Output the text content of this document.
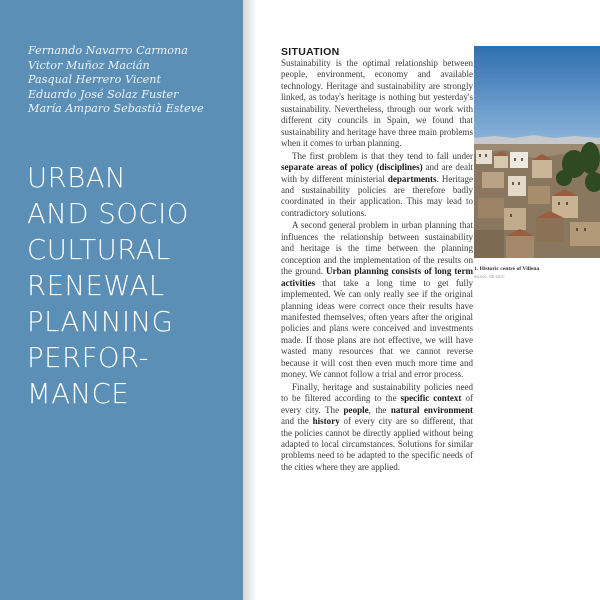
Fernando Navarro Carmona
Victor Muñoz Macián
Pasqual Herrero Vicent
Eduardo José Solaz Fuster
María Amparo Sebastià Esteve
URBAN
AND SOCIO
CULTURAL
RENEWAL
PLANNING
PERFOR-
MANCE
SITUATION

Sustainability is the optimal relationship between people, environment, economy and available technology. Heritage and sustainability are strongly linked, as today's heritage is nothing but yesterday's sustainability. Nevertheless, through our work with different city councils in Spain, we found that sustainability and heritage have three main problems when it comes to urban planning.

The first problem is that they tend to fall under separate areas of policy (disciplines) and are dealt with by different ministerial departments. Heritage and sustainability policies are therefore badly coordinated in their application. This may lead to contradictory solutions.

A second general problem in urban planning that influences the relationship between sustainability and heritage is the time between the planning conception and the implementation of the results on the ground. Urban planning consists of long term activities that take a long time to get fully implemented. We can only really see if the original planning ideas were correct once their results have manifested themselves, often years after the original policies and plans were conceived and investments made. If those plans are not effective, we will have wasted many resources that we cannot reverse because it will cost then even much more time and money. We cannot follow a trial and error process.

Finally, heritage and sustainability policies need to be filtered according to the specific context of every city. The people, the natural environment and the history of every city are so different, that the policies cannot be directly applied without being adapted to local circumstances. Solutions for similar problems need to be adapted to the specific needs of the cities where they are applied.

1. Historic centre of Villena
source: AE-UCC
